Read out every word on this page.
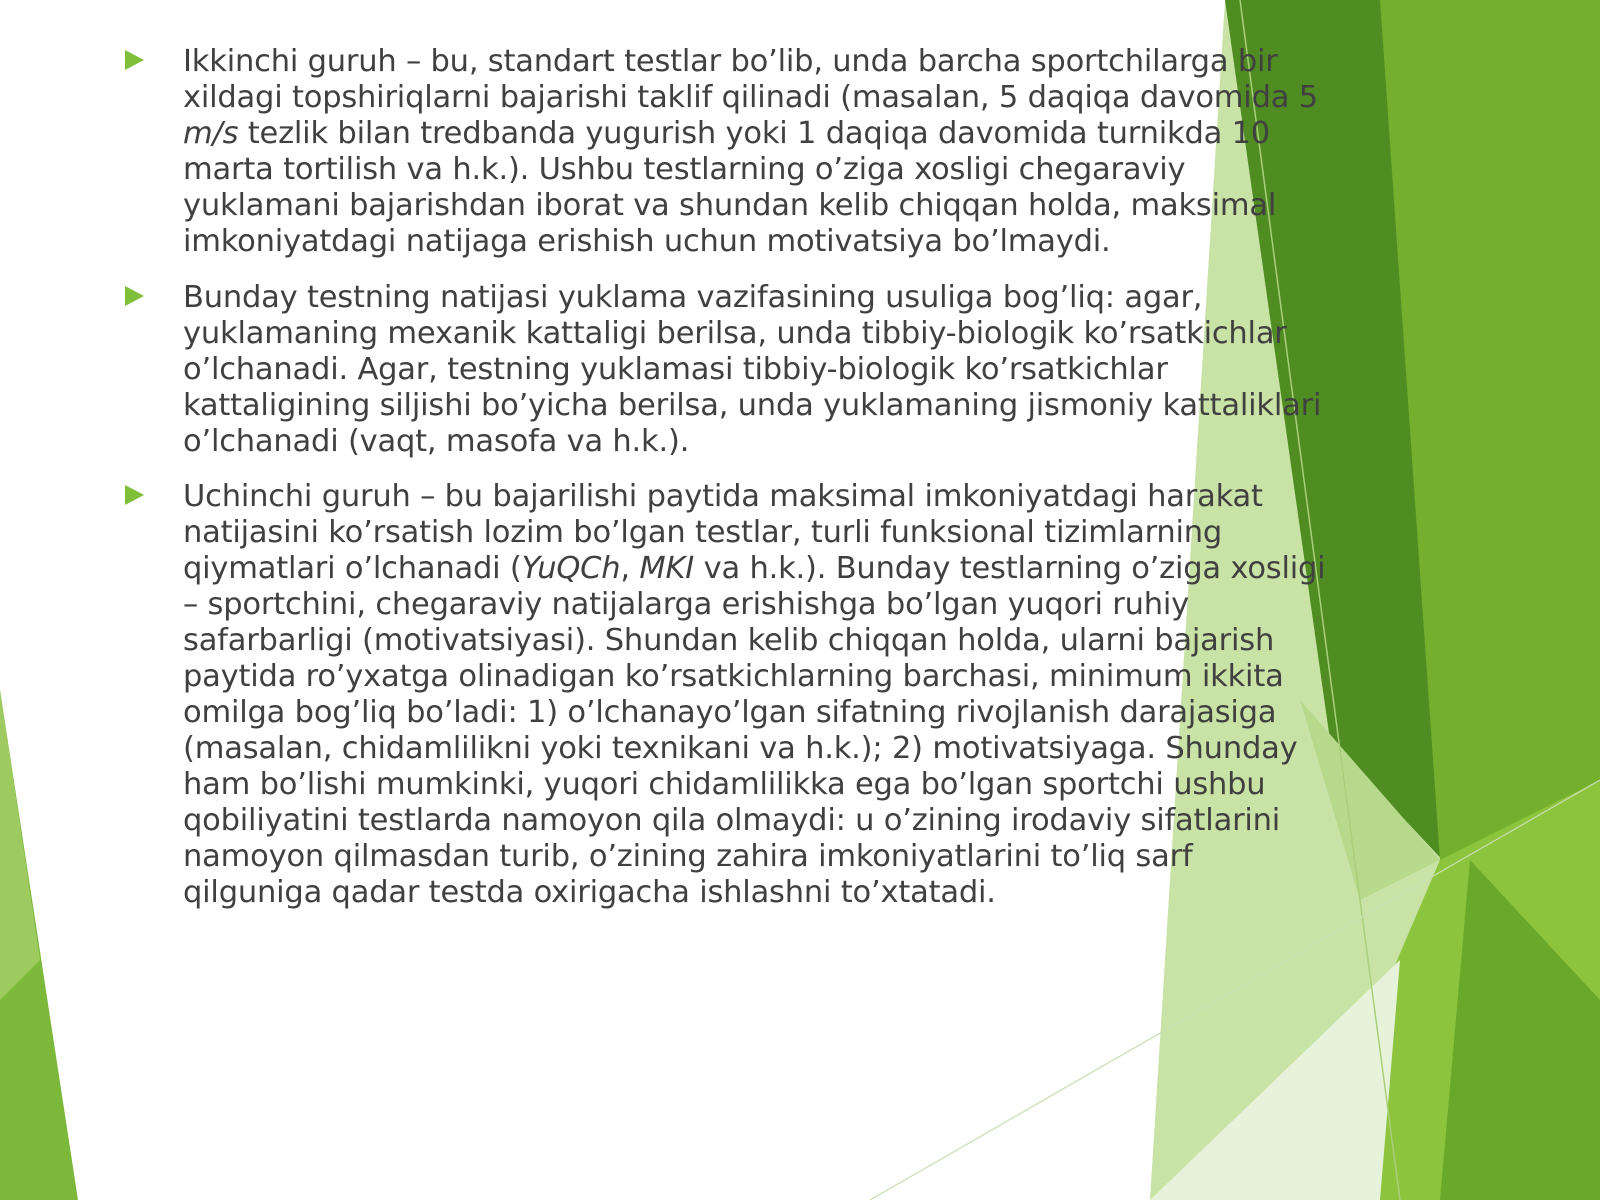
Ikkinchi guruh – bu, standart testlar bo’lib, unda barcha sportchilarga bir xildagi topshiriqlarni bajarishi taklif qilinadi (masalan, 5 daqiqa davomida 5 m/s tezlik bilan tredbanda yugurish yoki 1 daqiqa davomida turnikda 10 marta tortilish va h.k.). Ushbu testlarning o’ziga xosligi chegaraviy yuklamani bajarishdan iborat va shundan kelib chiqqan holda, maksimal imkoniyatdagi natijaga erishish uchun motivatsiya bo’lmaydi.

Bunday testning natijasi yuklama vazifasining usuliga bog’liq: agar, yuklamaning mexanik kattaligi berilsa, unda tibbiy-biologik ko’rsatkichlar o’lchanadi. Agar, testning yuklamasi tibbiy-biologik ko’rsatkichlar kattaligining siljishi bo’yicha berilsa, unda yuklamaning jismoniy kattaliklari o’lchanadi (vaqt, masofa va h.k.).

Uchinchi guruh – bu bajarilishi paytida maksimal imkoniyatdagi harakat natijasini ko’rsatish lozim bo’lgan testlar, turli funksional tizimlarning qiymatlari o’lchanadi (YuQCh, MKI va h.k.). Bunday testlarning o’ziga xosligi – sportchini, chegaraviy natijalarga erishishga bo’lgan yuqori ruhiy safarbarligi (motivatsiyasi). Shundan kelib chiqqan holda, ularni bajarish paytida ro’yxatga olinadigan ko’rsatkichlarning barchasi, minimum ikkita omilga bog’liq bo’ladi: 1) o’lchanayo’lgan sifatning rivojlanish darajasiga (masalan, chidamlilikni yoki texnikani va h.k.); 2) motivatsiyaga. Shunday ham bo’lishi mumkinki, yuqori chidamlilikka ega bo’lgan sportchi ushbu qobiliyatini testlarda namoyon qila olmaydi: u o’zining irodaviy sifatlarini namoyon qilmasdan turib, o’zining zahira imkoniyatlarini to’liq sarf qilguniga qadar testda oxirigacha ishlashni to’xtatadi.
